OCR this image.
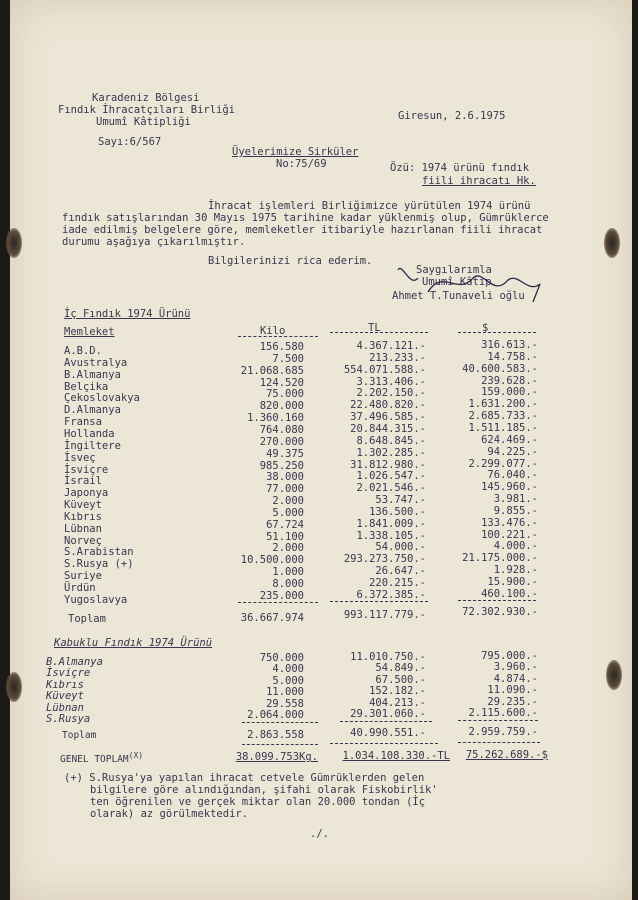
Karadeniz Bölgesi
Fındık İhracatçıları Birliği
Umumî Kâtipliği
Sayı:6/567
Giresun, 2.6.1975
Üyelerimize Sirküler
No:75/69	Özü: 1974 ürünü fındık
fiili ihracatı Hk.
İhracat işlemleri Birliğimizce yürütülen 1974 ürünü
fındık satışlarından 30 Mayıs 1975 tarihine kadar yüklenmiş olup, Gümrüklerce
iade edilmiş belgelere göre, memleketler itibariyle hazırlanan fiili ihracat
durumu aşağıya çıkarılmıştır.
Bilgilerinizi rica ederim.
Saygılarımla
Umumî Kâtip
Ahmet T.Tunaveli oğlu
İç Fındık 1974 Ürünü
Memleket	Kilo	TL	$
A.B.D.	156.580	4.367.121.-	316.613.-
Avustralya	7.500	213.233.-	14.758.-
B.Almanya	21.068.685	554.071.588.-	40.600.583.-
Belçika	124.520	3.313.406.-	239.628.-
Çekoslovakya	75.000	2.202.150.-	159.000.-
D.Almanya	820.000	22.480.820.-	1.631.200.-
Fransa	1.360.160	37.496.585.-	2.685.733.-
Hollanda	764.080	20.844.315.-	1.511.185.-
İngiltere	270.000	8.648.845.-	624.469.-
İsveç	49.375	1.302.285.-	94.225.-
İsviçre	985.250	31.812.980.-	2.299.077.-
İsrail	38.000	1.026.547.-	76.040.-
Japonya	77.000	2.021.546.-	145.960.-
Küveyt	2.000	53.747.-	3.981.-
Kıbrıs	5.000	136.500.-	9.855.-
Lübnan	67.724	1.841.009.-	133.476.-
Norveç	51.100	1.338.105.-	100.221.-
S.Arabistan	2.000	54.000.-	4.000.-
S.Rusya (+)	10.500.000	293.273.750.-	21.175.000.-
Suriye	1.000	26.647.-	1.928.-
Ürdün	8.000	220.215.-	15.900.-
Yugoslavya	235.000	6.372.385.-	460.100.-
Toplam	36.667.974	993.117.779.-	72.302.930.-
Kabuklu Fındık 1974 Ürünü
B.Almanya	750.000	11.010.750.-	795.000.-
İsviçre	4.000	54.849.-	3.960.-
Kıbrıs	5.000	67.500.-	4.874.-
Küveyt	11.000	152.182.-	11.090.-
Lübnan	29.558	404.213.-	29.235.-
S.Rusya	2.064.000	29.301.060.-	2.115.600.-
Toplam	2.863.558	40.990.551.-	2.959.759.-
GENEL $TOPLAM^{(X)}$	38.099.753Kg. 1.034.108.330.-TL 75.262.689.-$
(+) S.Rusya'ya yapılan ihracat cetvele Gümrüklerden gelen
bilgilere göre alındığından, şifahi olarak Fiskobirlik'
ten öğrenilen ve gerçek miktar olan 20.000 tondan (İç
olarak) az görülmektedir.
./.
